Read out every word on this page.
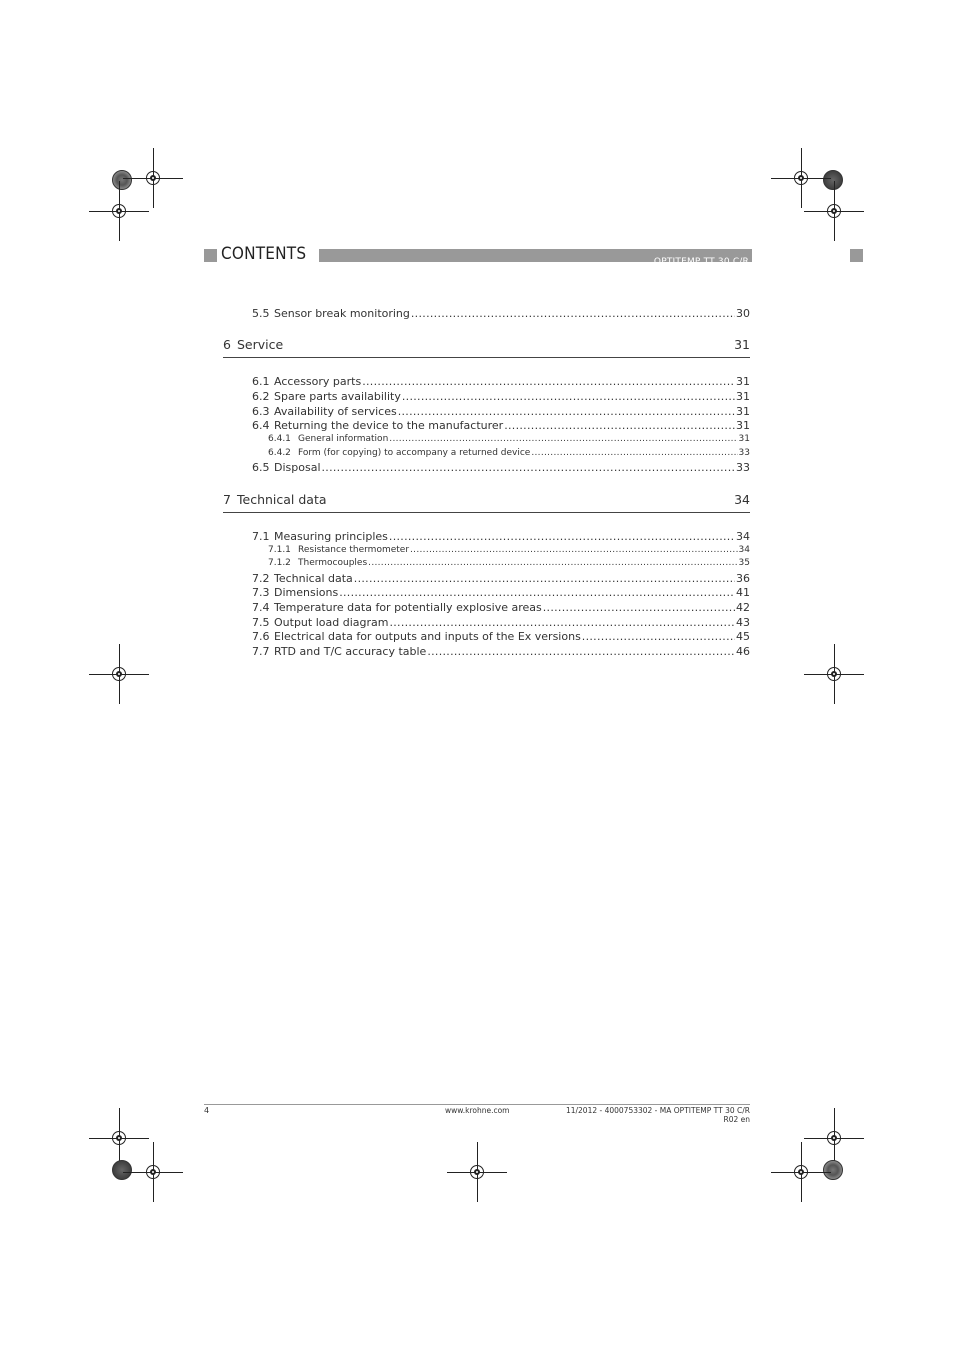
CONTENTS	OPTITEMP TT 30 C/R
5.5 Sensor break monitoring .....	30
6 Service	31
6.1 Accessory parts .....	31
6.2 Spare parts availability .....	31
6.3 Availability of services .....	31
6.4 Returning the device to the manufacturer .....	31
6.4.1 General information .....	31
6.4.2 Form (for copying) to accompany a returned device .....	33
6.5 Disposal .....	33
7 Technical data	34
7.1 Measuring principles .....	34
7.1.1 Resistance thermometer .....	34
7.1.2 Thermocouples .....	35
7.2 Technical data .....	36
7.3 Dimensions .....	41
7.4 Temperature data for potentially explosive areas .....	42
7.5 Output load diagram .....	43
7.6 Electrical data for outputs and inputs of the Ex versions .....	45
7.7 RTD and T/C accuracy table .....	46
4	www.krohne.com	11/2012 - 4000753302 - MA OPTITEMP TT 30 C/R R02 en
